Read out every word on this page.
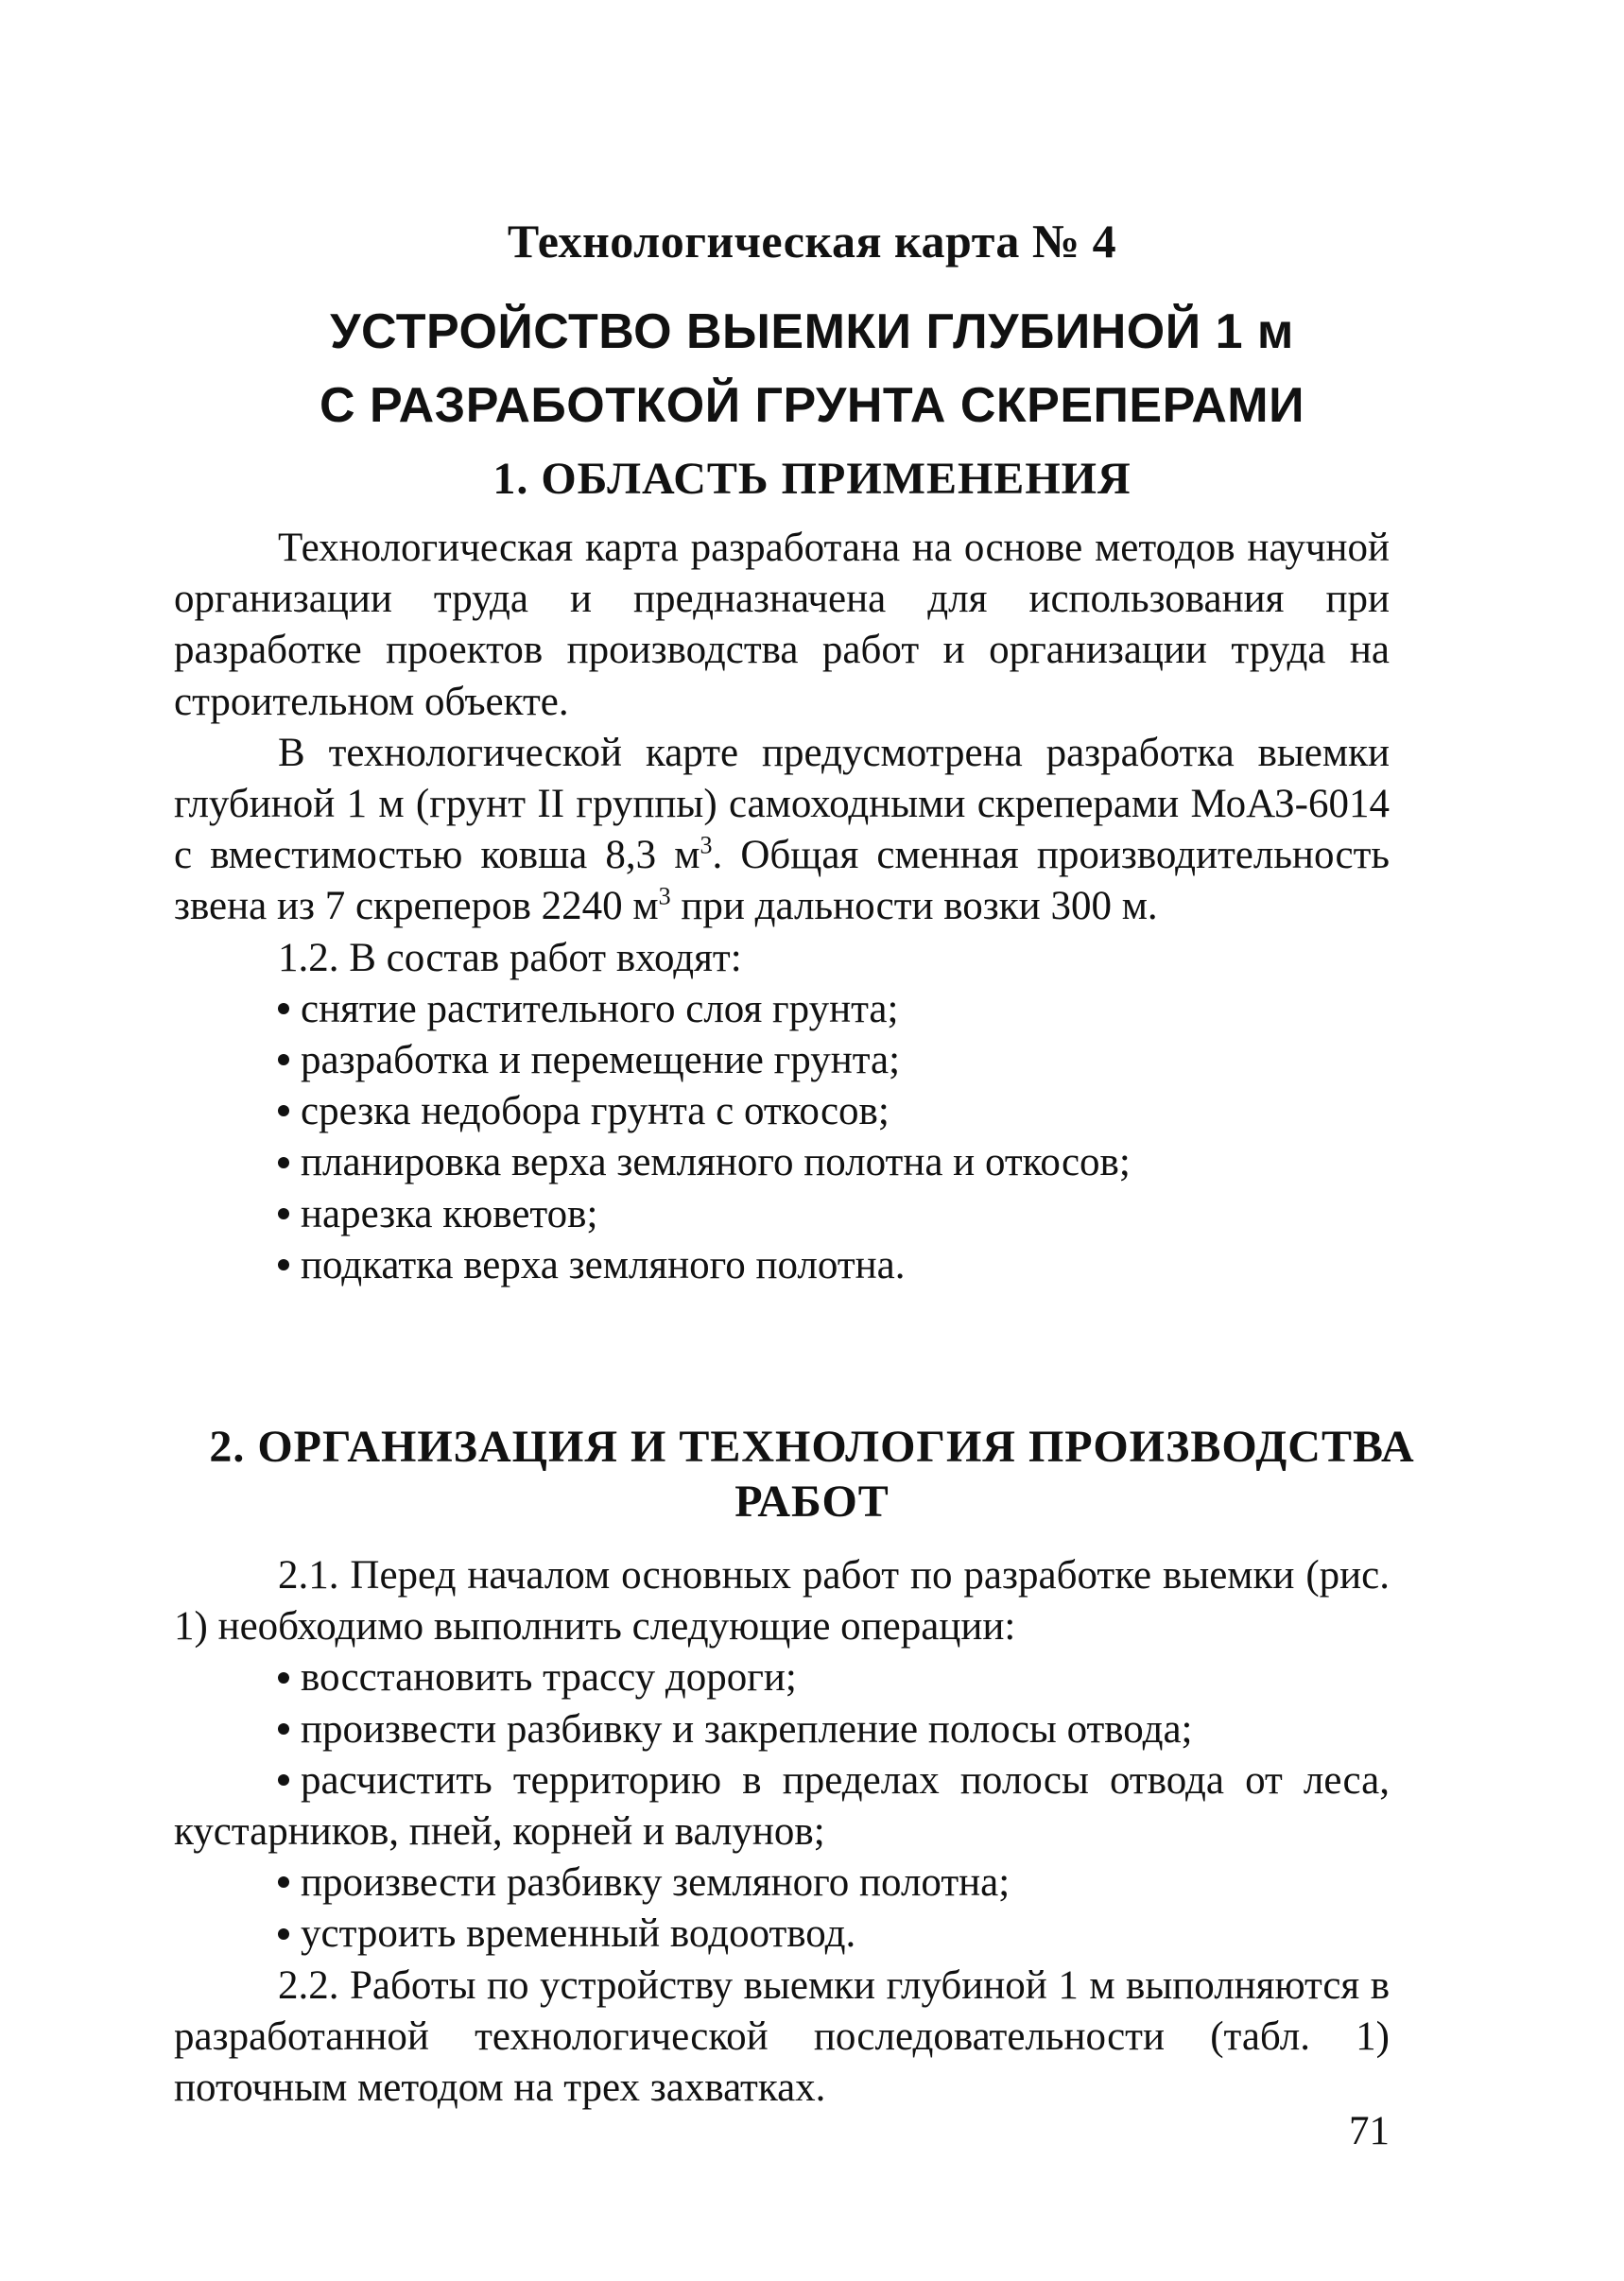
Технологическая карта № 4
УСТРОЙСТВО ВЫЕМКИ ГЛУБИНОЙ 1 м
С РАЗРАБОТКОЙ ГРУНТА СКРЕПЕРАМИ
1. ОБЛАСТЬ ПРИМЕНЕНИЯ

Технологическая карта разработана на основе методов научной организации труда и предназначена для использования при разработке проектов производства работ и организации труда на строительном объекте.

В технологической карте предусмотрена разработка выемки глубиной 1 м (грунт II группы) самоходными скреперами МоАЗ-6014 с вместимостью ковша 8,3 $м^3$. Общая сменная производительность звена из 7 скреперов 2240 $м^3$ при дальности возки 300 м.

1.2. В состав работ входят:

снятие растительного слоя грунта;
разработка и перемещение грунта;
срезка недобора грунта с откосов;
планировка верха земляного полотна и откосов;
нарезка кюветов;
подкатка верха земляного полотна.
2. ОРГАНИЗАЦИЯ И ТЕХНОЛОГИЯ ПРОИЗВОДСТВА
РАБОТ

2.1. Перед началом основных работ по разработке выемки (рис. 1) необходимо выполнить следующие операции:

восстановить трассу дороги;
произвести разбивку и закрепление полосы отвода;
расчистить территорию в пределах полосы отвода от леса, кустарников, пней, корней и валунов;
произвести разбивку земляного полотна;
устроить временный водоотвод.

2.2. Работы по устройству выемки глубиной 1 м выполняются в разработанной технологической последовательности (табл. 1) поточным методом на трех захватках.

71
